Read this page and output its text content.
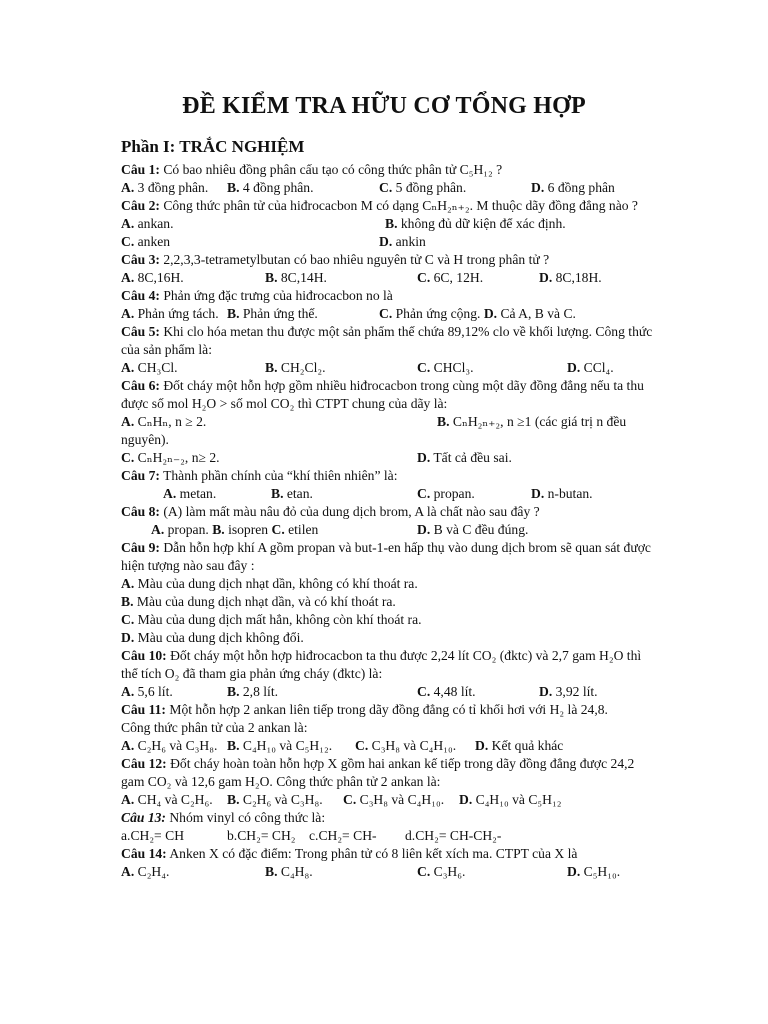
ĐỀ KIỂM TRA HỮU CƠ TỔNG HỢP
Phần I: TRẮC NGHIỆM
Câu 1: Có bao nhiêu đồng phân cấu tạo có công thức phân tử C₅H₁₂ ?
A. 3 đồng phân. B. 4 đồng phân.	C. 5 đồng phân.	D. 6 đồng phân
Câu 2: Công thức phân tử của hiđrocacbon M có dạng CₙH₂ₙ₊₂. M thuộc dãy đồng đẳng nào ?
A. ankan.	B. không đủ dữ kiện để xác định.
C. anken	D. ankin
Câu 3: 2,2,3,3-tetrametylbutan có bao nhiêu nguyên tử C và H trong phân tử ?
A. 8C,16H.	B. 8C,14H.	C. 6C, 12H.	D. 8C,18H.
Câu 4: Phản ứng đặc trưng của hiđrocacbon no là
A. Phản ứng tách. B. Phản ứng thế.	C. Phản ứng cộng. D. Cả A, B và C.
Câu 5: Khi clo hóa metan thu được một sản phẩm thế chứa 89,12% clo về khối lượng. Công thức
của sản phẩm là:
A. CH₃Cl.	B. CH₂Cl₂.	C. CHCl₃.	D. CCl₄.
Câu 6: Đốt cháy một hỗn hợp gồm nhiều hiđrocacbon trong cùng một dãy đồng đẳng nếu ta thu
được số mol H₂O > số mol CO₂ thì CTPT chung của dãy là:
A. CₙHₙ, n ≥ 2.	B. CₙH₂ₙ₊₂, n ≥1 (các giá trị n đều
nguyên).
C. CₙH₂ₙ₋₂, n≥ 2.	D. Tất cả đều sai.
Câu 7: Thành phần chính của “khí thiên nhiên” là:
A. metan.	B. etan.	C. propan.	D. n-butan.
Câu 8: (A) làm mất màu nâu đỏ của dung dịch brom, A là chất nào sau đây ?
A. propan. B. isopren C. etilen	D. B và C đều đúng.
Câu 9: Dẫn hỗn hợp khí A gồm propan và but-1-en hấp thụ vào dung dịch brom sẽ quan sát được
hiện tượng nào sau đây :
A. Màu của dung dịch nhạt dần, không có khí thoát ra.
B. Màu của dung dịch nhạt dần, và có khí thoát ra.
C. Màu của dung dịch mất hẳn, không còn khí thoát ra.
D. Màu của dung dịch không đổi.
Câu 10: Đốt cháy một hỗn hợp hiđrocacbon ta thu được 2,24 lít CO₂ (đktc) và 2,7 gam H₂O thì
thể tích O₂ đã tham gia phản ứng cháy (đktc) là:
A. 5,6 lít.	B. 2,8 lít.	C. 4,48 lít.	D. 3,92 lít.
Câu 11: Một hỗn hợp 2 ankan liên tiếp trong dãy đồng đẳng có tỉ khối hơi với H₂ là 24,8.
Công thức phân tử của 2 ankan là:
A. C₂H₆ và C₃H₈. B. C₄H₁₀ và C₅H₁₂. C. C₃H₈ và C₄H₁₀. D. Kết quả khác
Câu 12: Đốt cháy hoàn toàn hỗn hợp X gồm hai ankan kế tiếp trong dãy đồng đẳng được 24,2
gam CO₂ và 12,6 gam H₂O. Công thức phân tử 2 ankan là:
A. CH₄ và C₂H₆. B. C₂H₆ và C₃H₈. C. C₃H₈ và C₄H₁₀. D. C₄H₁₀ và C₅H₁₂
Câu 13: Nhóm vinyl có công thức là:
a.CH₂= CH	b.CH₂= CH₂ c.CH₂= CH- d.CH₂= CH-CH₂-
Câu 14: Anken X có đặc điểm: Trong phân tử có 8 liên kết xích ma. CTPT của X là
A. C₂H₄.	B. C₄H₈.	C. C₃H₆.	D. C₅H₁₀.
